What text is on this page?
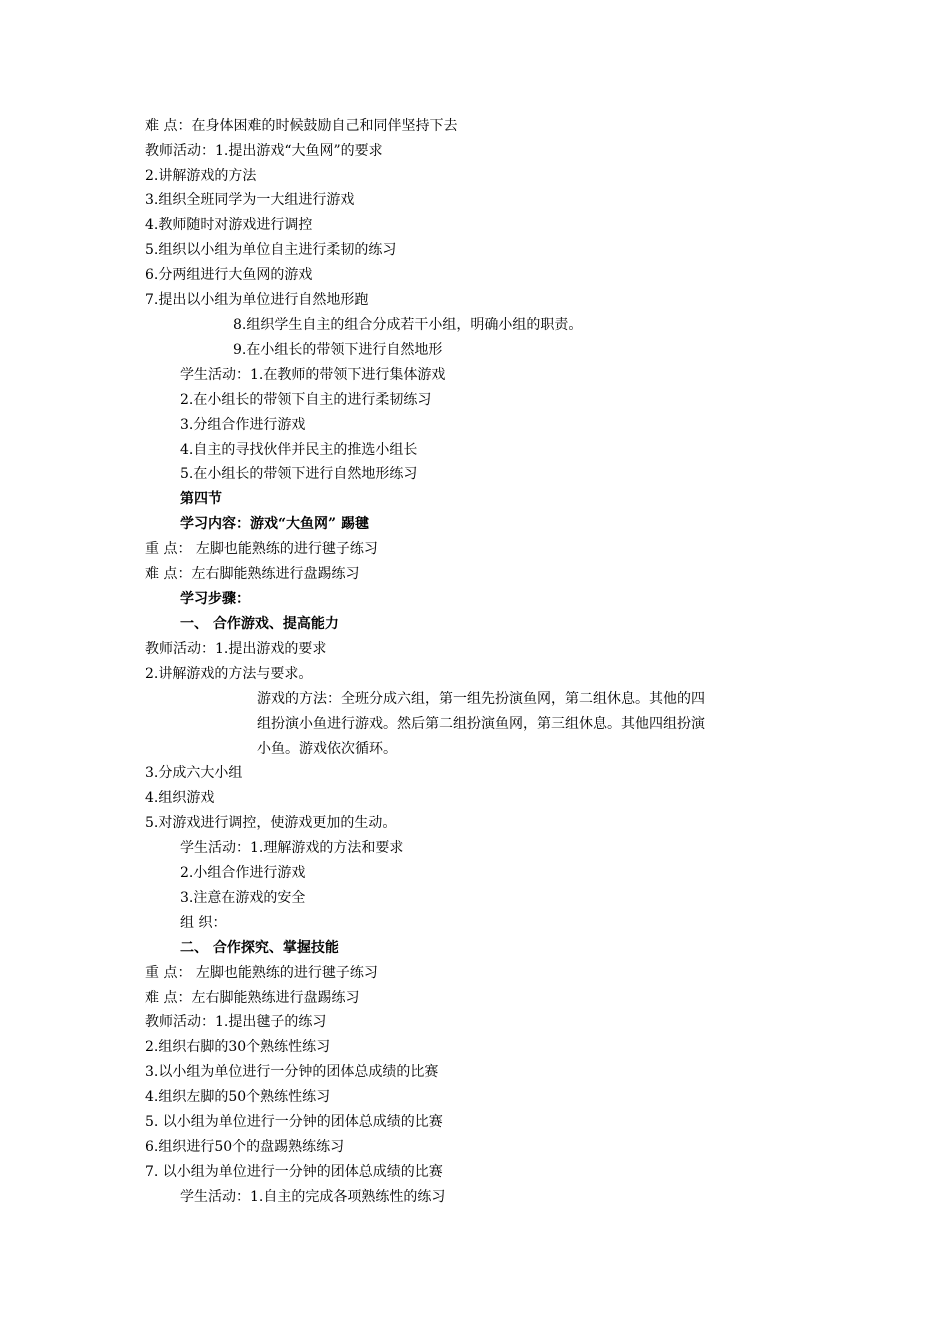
难 点：在身体困难的时候鼓励自己和同伴坚持下去
教师活动：1.提出游戏“大鱼网”的要求
2.讲解游戏的方法
3.组织全班同学为一大组进行游戏
4.教师随时对游戏进行调控
5.组织以小组为单位自主进行柔韧的练习
6.分两组进行大鱼网的游戏
7.提出以小组为单位进行自然地形跑
8.组织学生自主的组合分成若干小组，明确小组的职责。
9.在小组长的带领下进行自然地形
学生活动：1.在教师的带领下进行集体游戏
2.在小组长的带领下自主的进行柔韧练习
3.分组合作进行游戏
4.自主的寻找伙伴并民主的推选小组长
5.在小组长的带领下进行自然地形练习
第四节
学习内容：游戏“大鱼网” 踢毽
重 点： 左脚也能熟练的进行毽子练习
难 点：左右脚能熟练进行盘踢练习
学习步骤：
一、 合作游戏、提高能力
教师活动：1.提出游戏的要求
2.讲解游戏的方法与要求。
游戏的方法：全班分成六组，第一组先扮演鱼网，第二组休息。其他的四
组扮演小鱼进行游戏。然后第二组扮演鱼网，第三组休息。其他四组扮演
小鱼。游戏依次循环。
3.分成六大小组
4.组织游戏
5.对游戏进行调控，使游戏更加的生动。
学生活动：1.理解游戏的方法和要求
2.小组合作进行游戏
3.注意在游戏的安全
组 织：
二、 合作探究、掌握技能
重 点： 左脚也能熟练的进行毽子练习
难 点：左右脚能熟练进行盘踢练习
教师活动：1.提出毽子的练习
2.组织右脚的30个熟练性练习
3.以小组为单位进行一分钟的团体总成绩的比赛
4.组织左脚的50个熟练性练习
5. 以小组为单位进行一分钟的团体总成绩的比赛
6.组织进行50个的盘踢熟练练习
7. 以小组为单位进行一分钟的团体总成绩的比赛
学生活动：1.自主的完成各项熟练性的练习
